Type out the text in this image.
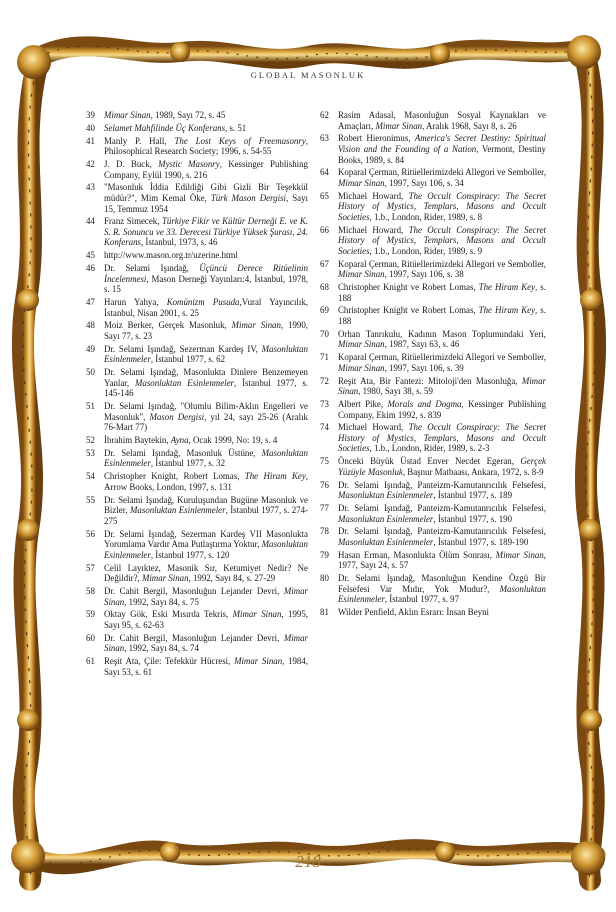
GLOBAL MASONLUK
39	Mimar Sinan, 1989, Sayı 72, s. 45
40	Selamet Mahfilinde Üç Konferans, s. 51
41	Manly P. Hall, The Lost Keys of Freemasonry, Philosophical Research Society; 1996, s. 54-55
42	J. D. Buck, Mystic Masonry, Kessinger Publishing Company, Eylül 1990, s. 216
43	"Masonluk İddia Edildiği Gibi Gizli Bir Teşekkül müdür?", Mim Kemal Öke, Türk Mason Dergisi, Sayı 15, Temmuz 1954
44	Franz Simecek, Türkiye Fikir ve Kültür Derneği E. ve K. S. R. Sonuncu ve 33. Derecesi Türkiye Yüksek Şurası, 24. Konferans, İstanbul, 1973, s. 46
45	http://www.mason.org.tr/uzerine.html
46	Dr. Selami Işındağ, Üçüncü Derece Ritüelinin İncelenmesi, Mason Derneği Yayınları:4, İstanbul, 1978, s. 15
47	Harun Yahya, Komünizm Pusuda,Vural Yayıncılık, İstanbul, Nisan 2001, s. 25
48	Moiz Berker, Gerçek Masonluk, Mimar Sinan, 1990, Sayı 77, s. 23
49	Dr. Selami Işındağ, Sezerman Kardeş IV, Masonluktan Esinlenmeler, İstanbul 1977, s. 62
50	Dr. Selami Işındağ, Masonlukta Dinlere Benzemeyen Yanlar, Masonluktan Esinlenmeler, İstanbul 1977, s. 145-146
51	Dr. Selami Işındağ, "Olumlu Bilim-Aklın Engelleri ve Masonluk", Mason Dergisi, yıl 24, sayı 25-26 (Aralık 76-Mart 77)
52	İbrahim Baytekin, Ayna, Ocak 1999, No: 19, s. 4
53	Dr. Selami Işındağ, Masonluk Üstüne, Masonluktan Esinlenmeler, İstanbul 1977, s. 32
54	Christopher Knight, Robert Lomas, The Hiram Key, Arrow Books, London, 1997, s. 131
55	Dr. Selami Işındağ, Kuruluşundan Bugüne Masonluk ve Bizler, Masonluktan Esinlenmeler, İstanbul 1977, s. 274-275
56	Dr. Selami Işındağ, Sezerman Kardeş VII Masonlukta Yorumlama Vardır Ama Putlaştırma Yoktur, Masonluktan Esinlenmeler, İstanbul 1977, s. 120
57	Celil Layıktez, Masonik Sır, Ketumiyet Nedir? Ne Değildir?, Mimar Sinan, 1992, Sayı 84, s. 27-29
58	Dr. Cahit Bergil, Masonluğun Lejander Devri, Mimar Sinan, 1992, Sayı 84, s. 75
59	Oktay Gök, Eski Mısırda Tekris, Mimar Sinan, 1995, Sayı 95, s. 62-63
60	Dr. Cahit Bergil, Masonluğun Lejander Devri, Mimar Sinan, 1992, Sayı 84, s. 74
61	Reşit Ata, Çile: Tefekkür Hücresi, Mimar Sinan, 1984, Sayı 53, s. 61
62	Rasim Adasal, Masonluğun Sosyal Kaynakları ve Amaçları, Mimar Sinan, Aralık 1968, Sayı 8, s. 26
63	Robert Hieronimus, America's Secret Destiny: Spiritual Vision and the Founding of a Nation, Vermont, Destiny Books, 1989, s. 84
64	Koparal Çerman, Ritüellerimizdeki Allegori ve Semboller, Mimar Sinan, 1997, Sayı 106, s. 34
65	Michael Howard, The Occult Conspiracy: The Secret History of Mystics, Templars, Masons and Occult Societies, 1.b., London, Rider, 1989, s. 8
66	Michael Howard, The Occult Conspiracy: The Secret History of Mystics, Templars, Masons and Occult Societies, 1.b., London, Rider, 1989, s. 9
67	Koparal Çerman, Ritüellerimizdeki Allegori ve Semboller, Mimar Sinan, 1997, Sayı 106, s. 38
68	Christopher Knight ve Robert Lomas, The Hiram Key, s. 188
69	Christopher Knight ve Robert Lomas, The Hiram Key, s. 188
70	Orhan Tanrıkulu, Kadının Mason Toplumundaki Yeri, Mimar Sinan, 1987, Sayı 63, s. 46
71	Koparal Çerman, Ritüellerimizdeki Allegori ve Semboller, Mimar Sinan, 1997, Sayı 106, s. 39
72	Reşit Ata, Bir Fantezi: Mitoloji'den Masonluğa, Mimar Sinan, 1980, Sayı 38, s. 59
73	Albert Pike, Morals and Dogma, Kessinger Publishing Company, Ekim 1992, s. 839
74	Michael Howard, The Occult Conspiracy: The Secret History of Mystics, Templars, Masons and Occult Societies, 1.b., London, Rider, 1989, s. 2-3
75	Önceki Büyük Üstad Enver Necdet Egeran, Gerçek Yüzüyle Masonluk, Başnur Matbaası, Ankara, 1972, s. 8-9
76	Dr. Selami Işındağ, Panteizm-Kamutanrıcılık Felsefesi, Masonluktan Esinlenmeler, İstanbul 1977, s. 189
77	Dr. Selami Işındağ, Panteizm-Kamutanrıcılık Felsefesi, Masonluktan Esinlenmeler, İstanbul 1977, s. 190
78	Dr. Selami Işındağ, Panteizm-Kamutanrıcılık Felsefesi, Masonluktan Esinlenmeler, İstanbul 1977, s. 189-190
79	Hasan Erman, Masonlukta Ölüm Sonrası, Mimar Sinan, 1977, Sayı 24, s. 57
80	Dr. Selami Işındağ, Masonluğun Kendine Özgü Bir Felsefesi Var Mıdır, Yok Mudur?, Masonluktan Esinlenmeler, İstanbul 1977, s. 97
81	Wilder Penfield, Aklın Esrarı: İnsan Beyni
218
